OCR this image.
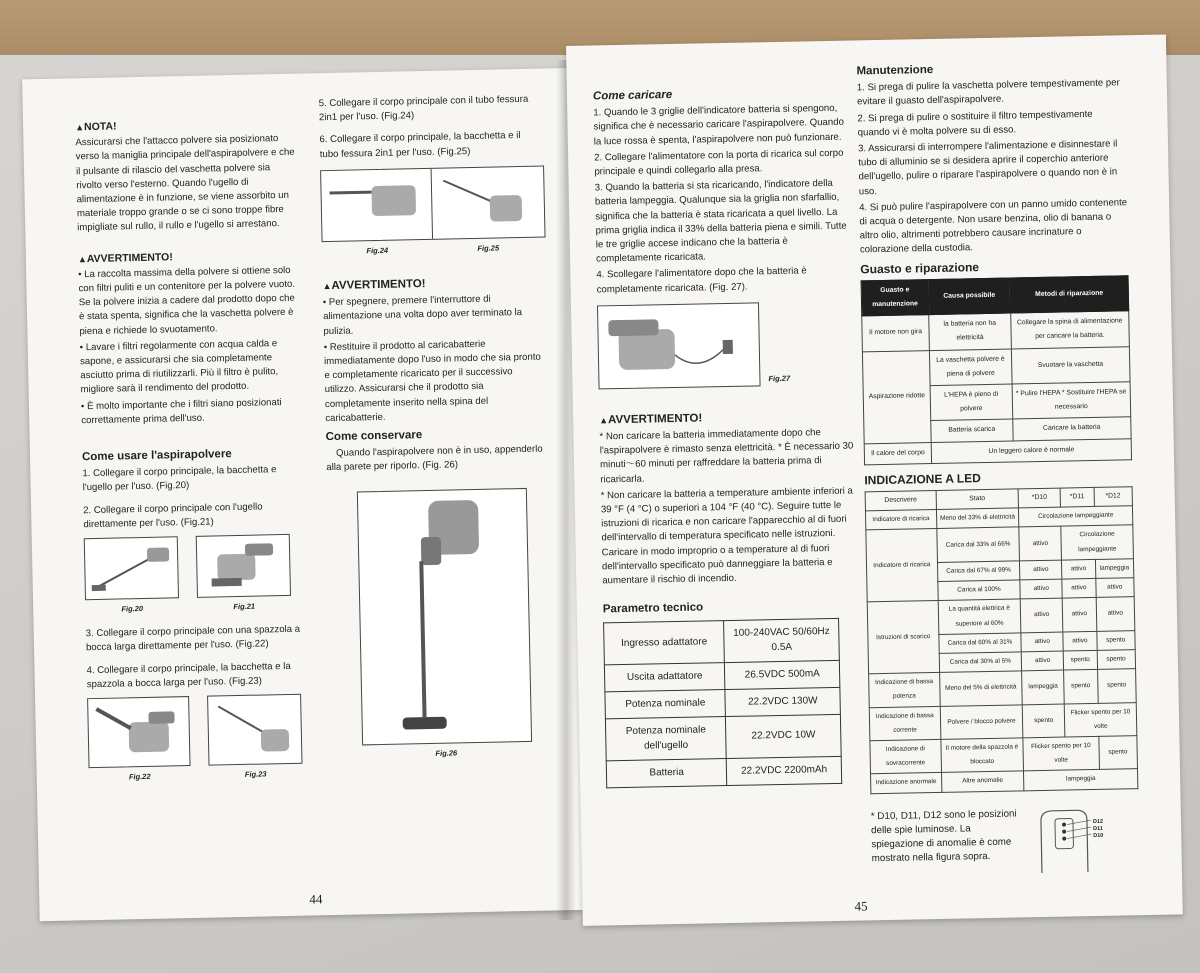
▲ NOTA!

Assicurarsi che l'attacco polvere sia posizionato verso la maniglia principale dell'aspirapolvere e che il pulsante di rilascio del vaschetta polvere sia rivolto verso l'esterno. Quando l'ugello di alimentazione è in funzione, se viene assorbito un materiale troppo grande o se ci sono troppe fibre impigliate sul rullo, il rullo e l'ugello si arrestano.

▲ AVVERTIMENTO!

• La raccolta massima della polvere si ottiene solo con filtri puliti e un contenitore per la polvere vuoto. Se la polvere inizia a cadere dal prodotto dopo che è stata spenta, significa che la vaschetta polvere è piena e richiede lo svuotamento.

• Lavare i filtri regolarmente con acqua calda e sapone, e assicurarsi che sia completamente asciutto prima di riutilizzarli. Più il filtro è pulito, migliore sarà il rendimento del prodotto.

• È molto importante che i filtri siano posizionati correttamente prima dell'uso.

Come usare l'aspirapolvere

1. Collegare il corpo principale, la bacchetta e l'ugello per l'uso. (Fig.20)

2. Collegare il corpo principale con l'ugello direttamente per l'uso. (Fig.21)

Fig.20	Fig.21

3. Collegare il corpo principale con una spazzola a bocca larga direttamente per l'uso. (Fig.22)

4. Collegare il corpo principale, la bacchetta e la spazzola a bocca larga per l'uso. (Fig.23)

Fig.22	Fig.23

5. Collegare il corpo principale con il tubo fessura 2in1 per l'uso. (Fig.24)

6. Collegare il corpo principale, la bacchetta e il tubo fessura 2in1 per l'uso. (Fig.25)

Fig.24	Fig.25
▲ AVVERTIMENTO!

• Per spegnere, premere l'interruttore di alimentazione una volta dopo aver terminato la pulizia.

• Restituire il prodotto al caricabatterie immediatamente dopo l'uso in modo che sia pronto e completamente ricaricato per il successivo utilizzo. Assicurarsi che il prodotto sia completamente inserito nella spina del caricabatterie.

Come conservare

Quando l'aspirapolvere non è in uso, appenderlo alla parete per riporlo. (Fig. 26)

Fig.26
44
Come caricare

1. Quando le 3 griglie dell'indicatore batteria si spengono, significa che è necessario caricare l'aspirapolvere. Quando la luce rossa è spenta, l'aspirapolvere non può funzionare.

2. Collegare l'alimentatore con la porta di ricarica sul corpo principale e quindi collegarlo alla presa.

3. Quando la batteria si sta ricaricando, l'indicatore della batteria lampeggia. Qualunque sia la griglia non sfarfallio, significa che la batteria è stata ricaricata a quel livello. La prima griglia indica il 33% della batteria piena e simili. Tutte le tre griglie accese indicano che la batteria è completamente ricaricata.

4. Scollegare l'alimentatore dopo che la batteria è completamente ricaricata. (Fig. 27).

Fig.27
▲ AVVERTIMENTO!

* Non caricare la batteria immediatamente dopo che l'aspirapolvere è rimasto senza elettricità. * È necessario 30 minuti〜60 minuti per raffreddare la batteria prima di ricaricarla.

* Non caricare la batteria a temperature ambiente inferiori a 39 °F (4 °C) o superiori a 104 °F (40 °C). Seguire tutte le istruzioni di ricarica e non caricare l'apparecchio al di fuori dell'intervallo di temperatura specificato nelle istruzioni. Caricare in modo improprio o a temperature al di fuori dell'intervallo specificato può danneggiare la batteria e aumentare il rischio di incendio.

Parametro tecnico
Ingresso adattatore	100-240VAC 50/60Hz 0.5A
Uscita adattatore	26.5VDC 500mA
Potenza nominale	22.2VDC 130W
Potenza nominale dell'ugello	22.2VDC 10W
Batteria	22.2VDC 2200mAh
Manutenzione

1. Si prega di pulire la vaschetta polvere tempestivamente per evitare il guasto dell'aspirapolvere.

2. Si prega di pulire o sostituire il filtro tempestivamente quando vi è molta polvere su di esso.

3. Assicurarsi di interrompere l'alimentazione e disinnestare il tubo di alluminio se si desidera aprire il coperchio anteriore dell'ugello, pulire o riparare l'aspirapolvere o quando non è in uso.

4. Si può pulire l'aspirapolvere con un panno umido contenente di acqua o detergente. Non usare benzina, olio di banana o altro olio, altrimenti potrebbero causare incrinature o colorazione della custodia.

Guasto e riparazione
Guasto e manutenzione	Causa possibile	Metodi di riparazione
Il motore non gira	la batteria non ha elettricità	Collegare la spina di alimentazione per caricare la batteria.
Aspirazione ridotte	La vaschetta polvere è piena di polvere	Svuotare la vaschetta
	L'HEPA è pieno di polvere	* Pulire l'HEPA * Sostituire l'HEPA se necessario
	Batteria scarica	Caricare la batteria
Il calore del corpo	Un leggero calore è normale	
INDICAZIONE A LED
Descrivere	Stato	*D10	*D11	*D12
Indicatore di ricarica	Meno del 33% di elettricità	Circolazione lampeggiante		
Indicatore di ricarica	Carica dal 33% al 66%	attivo	Circolazione lampeggiante	
	Carica dal 67% al 99%	attivo	attivo	lampeggia
	Carica al 100%	attivo	attivo	attivo
Istruzioni di scarico	La quantità elettrica è superiore al 60%	attivo	attivo	attivo
	Carica dal 60% al 31%	attivo	attivo	spento
	Carica dal 30% al 5%	attivo	spento	spento
Indicazione di bassa potenza	Meno del 5% di elettricità	lampeggia	spento	spento
Indicazione di bassa corrente	Polvere / blocco polvere	spento	Flicker spento per 10 volte	
Indicazione di sovracorrente	Il motore della spazzola è bloccato	Flicker spento per 10 volte		spento
Indicazione anormale	Altre anomalie	lampeggia		

* D10, D11, D12 sono le posizioni delle spie luminose. La spiegazione di anomalie è come mostrato nella figura sopra.

D12
D11
D10
45
